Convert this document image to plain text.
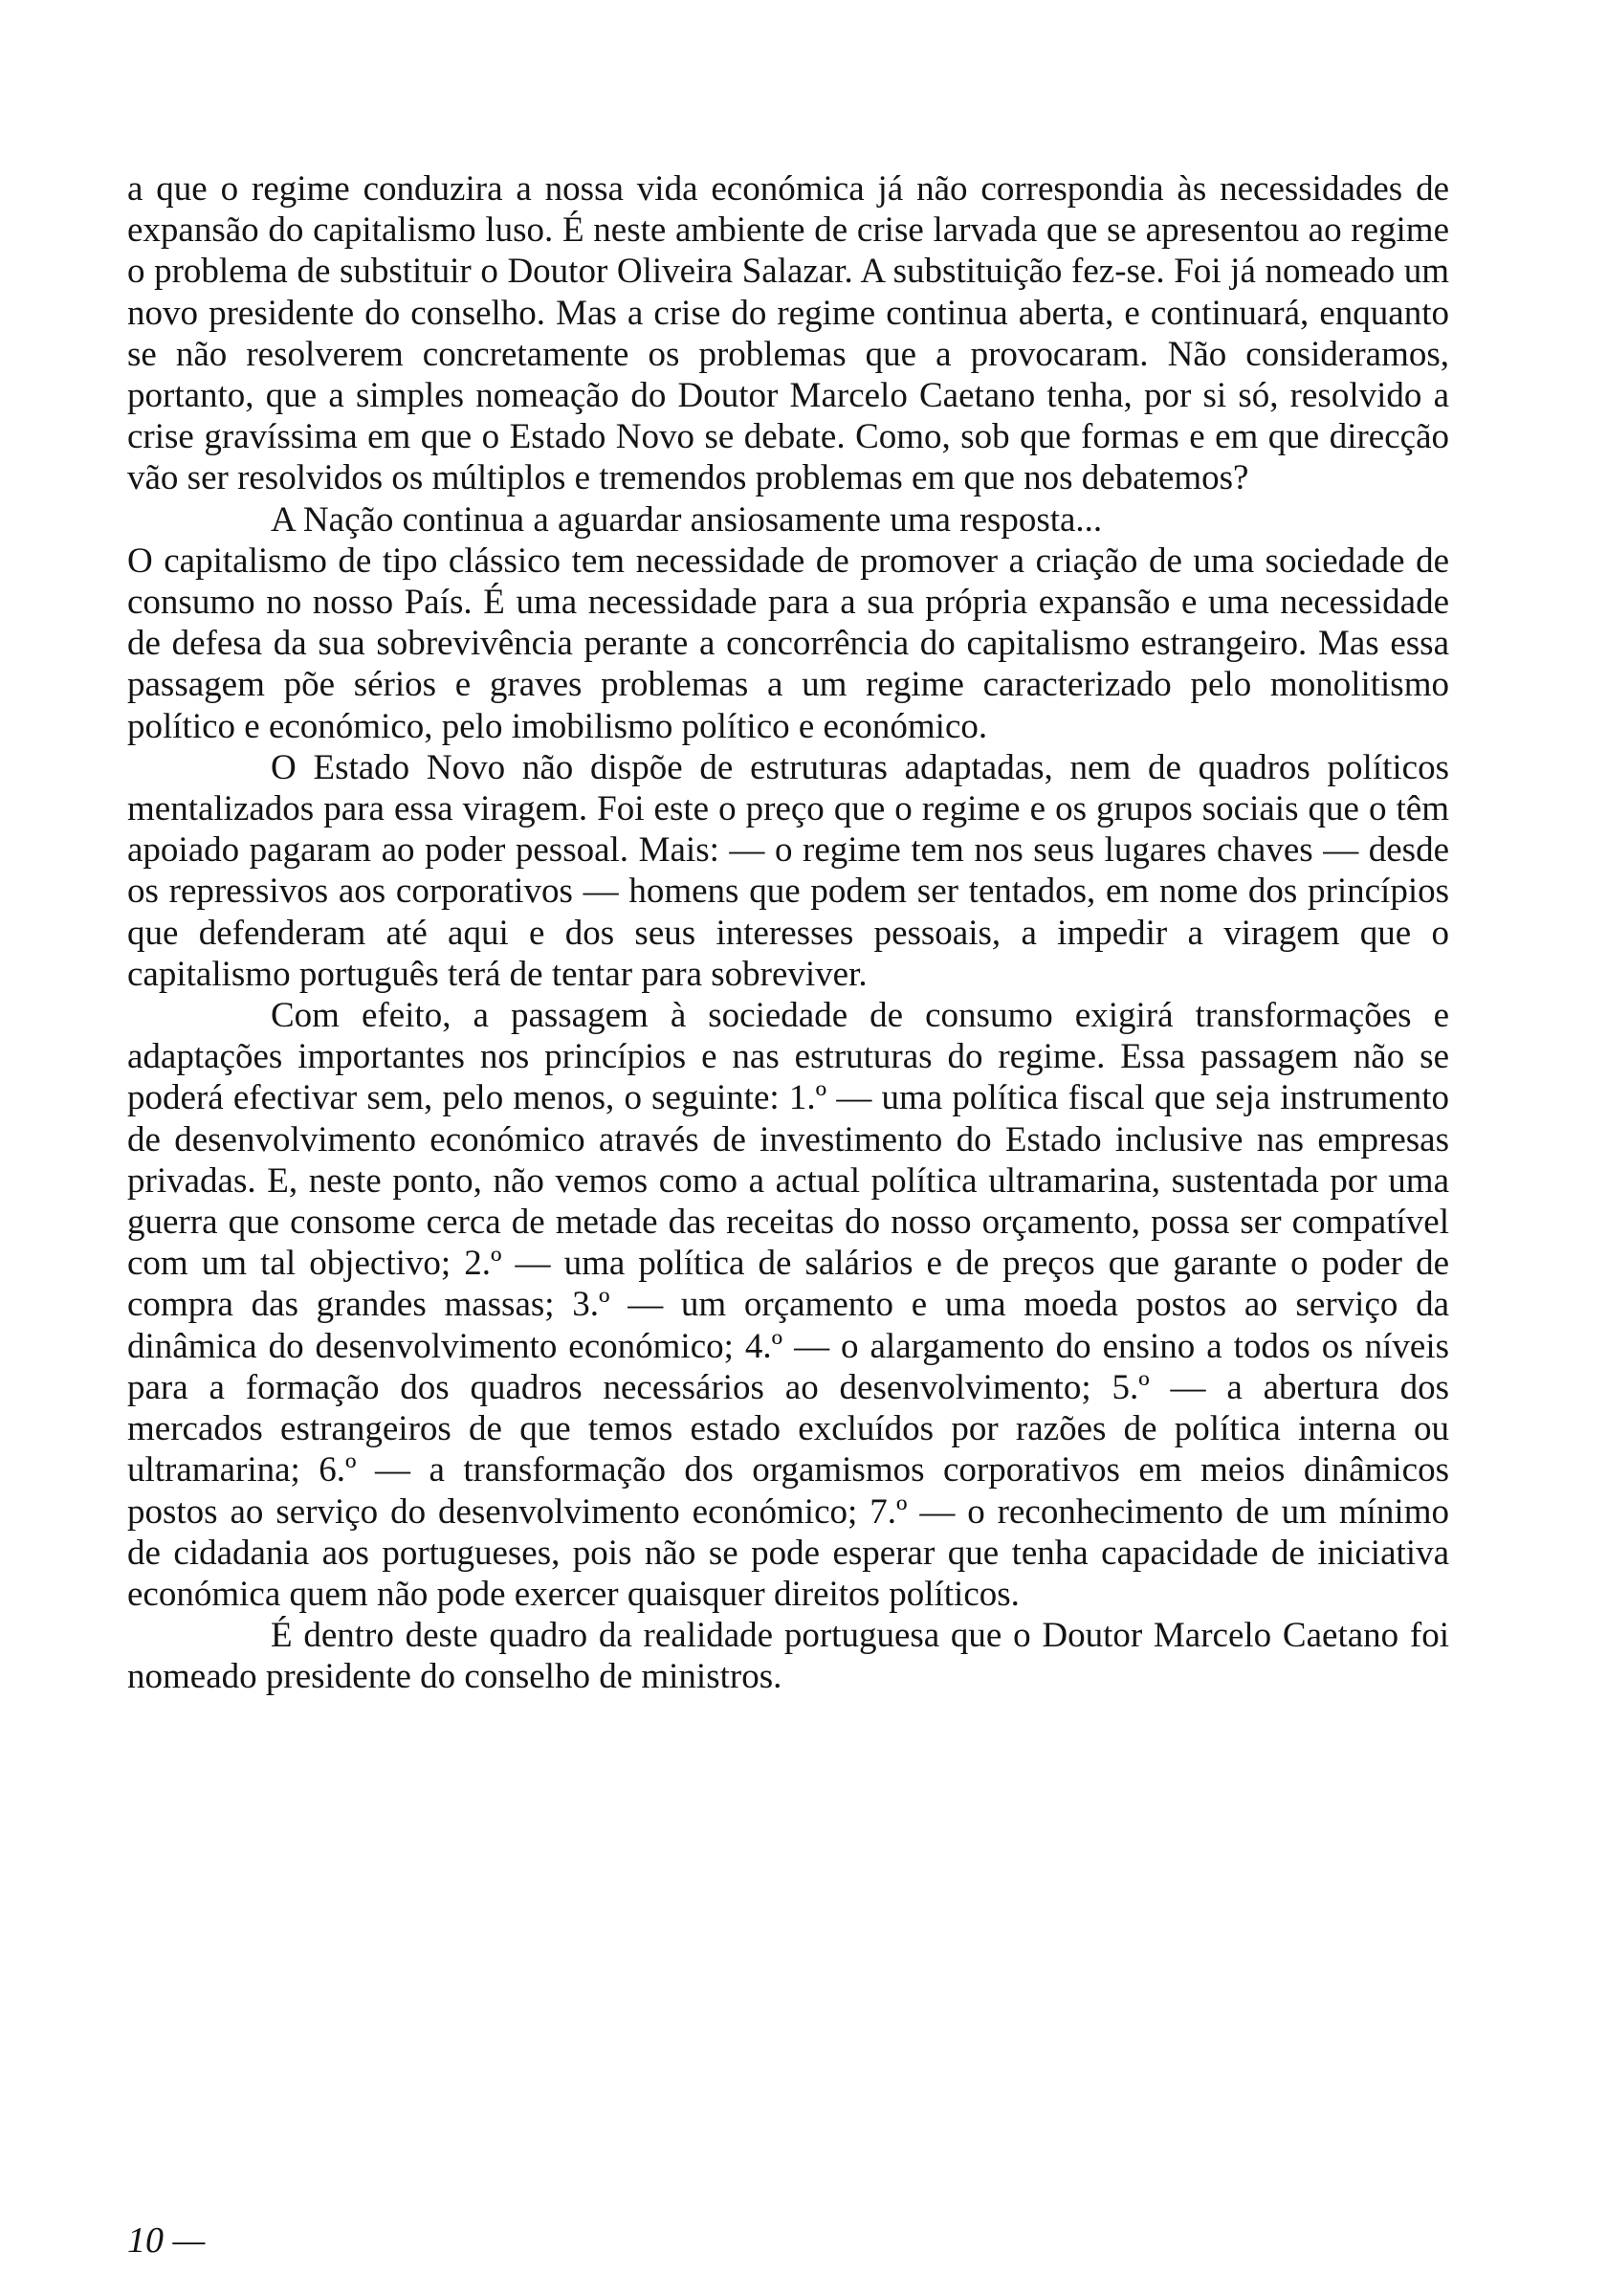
a que o regime conduzira a nossa vida económica já não correspondia às necessidades de expansão do capitalismo luso. É neste ambiente de crise larvada que se apresentou ao regime o problema de substituir o Doutor Oliveira Salazar. A substituição fez-se. Foi já nomeado um novo presidente do conselho. Mas a crise do regime continua aberta, e continuará, enquanto se não resolverem concretamente os problemas que a provocaram. Não consideramos, portanto, que a simples nomeação do Doutor Marcelo Caetano tenha, por si só, resolvido a crise gravíssima em que o Estado Novo se debate. Como, sob que formas e em que direcção vão ser resolvidos os múltiplos e tremendos problemas em que nos debatemos?

A Nação continua a aguardar ansiosamente uma resposta...

O capitalismo de tipo clássico tem necessidade de promover a criação de uma sociedade de consumo no nosso País. É uma necessidade para a sua própria expansão e uma necessidade de defesa da sua sobrevivência perante a concorrência do capitalismo estrangeiro. Mas essa passagem põe sérios e graves problemas a um regime caracterizado pelo monolitismo político e económico, pelo imobilismo político e económico.

O Estado Novo não dispõe de estruturas adaptadas, nem de quadros políticos mentalizados para essa viragem. Foi este o preço que o regime e os grupos sociais que o têm apoiado pagaram ao poder pessoal. Mais: — o regime tem nos seus lugares chaves — desde os repressivos aos corporativos — homens que podem ser tentados, em nome dos princípios que defenderam até aqui e dos seus interesses pessoais, a impedir a viragem que o capitalismo português terá de tentar para sobreviver.

Com efeito, a passagem à sociedade de consumo exigirá transformações e adaptações importantes nos princípios e nas estruturas do regime. Essa passagem não se poderá efectivar sem, pelo menos, o seguinte: 1.º — uma política fiscal que seja instrumento de desenvolvimento económico através de investimento do Estado inclusive nas empresas privadas. E, neste ponto, não vemos como a actual política ultramarina, sustentada por uma guerra que consome cerca de metade das receitas do nosso orçamento, possa ser compatível com um tal objectivo; 2.º — uma política de salários e de preços que garante o poder de compra das grandes massas; 3.º — um orçamento e uma moeda postos ao serviço da dinâmica do desenvolvimento económico; 4.º — o alargamento do ensino a todos os níveis para a formação dos quadros necessários ao desenvolvimento; 5.º — a abertura dos mercados estrangeiros de que temos estado excluídos por razões de política interna ou ultramarina; 6.º — a transformação dos orgamismos corporativos em meios dinâmicos postos ao serviço do desenvolvimento económico; 7.º — o reconhecimento de um mínimo de cidadania aos portugueses, pois não se pode esperar que tenha capacidade de iniciativa económica quem não pode exercer quaisquer direitos políticos.

É dentro deste quadro da realidade portuguesa que o Doutor Marcelo Caetano foi nomeado presidente do conselho de ministros.

10 —
